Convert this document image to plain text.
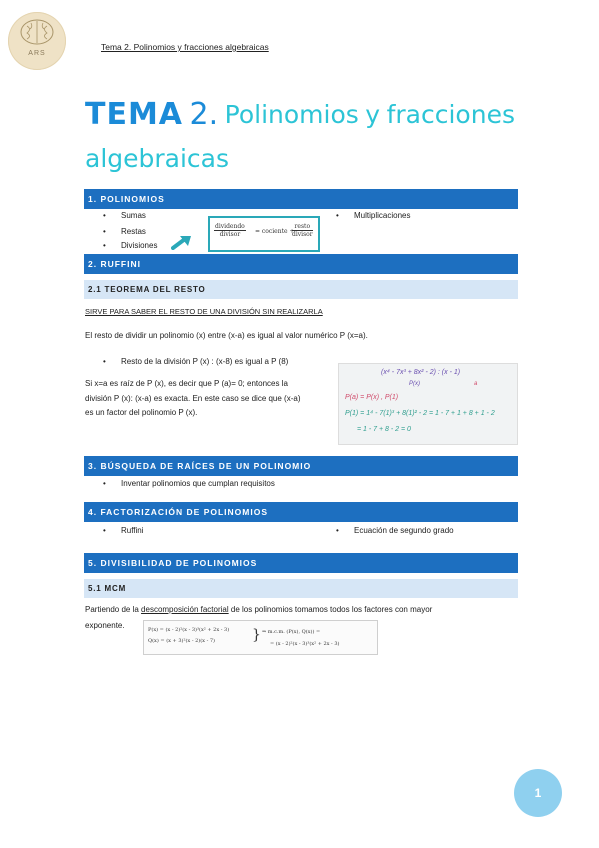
ARS
Tema 2. Polinomios y fracciones algebraicas
TEMA 2. Polinomios y fracciones
algebraicas
1. POLINOMIOS
• Sumas
• Restas
• Divisiones
dividendo
divisor	= cociente +
resto
divisor
• Multiplicaciones
2. RUFFINI
2.1 TEOREMA DEL RESTO
SIRVE PARA SABER EL RESTO DE UNA DIVISIÓN SIN REALIZARLA
El resto de dividir un polinomio (x) entre (x-a) es igual al valor numérico P (x=a).
• Resto de la división P (x) : (x-8) es igual a P (8)
Si x=a es raíz de P (x), es decir que P (a)= 0; entonces la
división P (x): (x-a) es exacta. En este caso se dice que (x-a)
es un factor del polinomio P (x).
(x⁴ - 7x³ + 8x² - 2) : (x - 1)
P(x)	a
P(a) = P(x) , P(1)
P(1) = 1⁴ - 7(1)³ + 8(1)² - 2 = 1 - 7 + 1 + 8 + 1 - 2
= 1 - 7 + 8 - 2 = 0
3. BÚSQUEDA DE RAÍCES DE UN POLINOMIO
• Inventar polinomios que cumplan requisitos
4. FACTORIZACIÓN DE POLINOMIOS
• Ruffini
•	Ecuación de segundo grado
5. DIVISIBILIDAD DE POLINOMIOS
5.1 MCM
Partiendo de la descomposición factorial de los polinomios tomamos todos los factores con mayor
exponente.	P(x) = (x - 2)²(x - 3)³(x² + 2x - 3)
Q(x) = (x + 3)²(x - 2)(x - 7)	} ⇒ m.c.m. (P(x), Q(x)) =
= (x - 2)²(x - 3)³(x² + 2x - 3)
1
